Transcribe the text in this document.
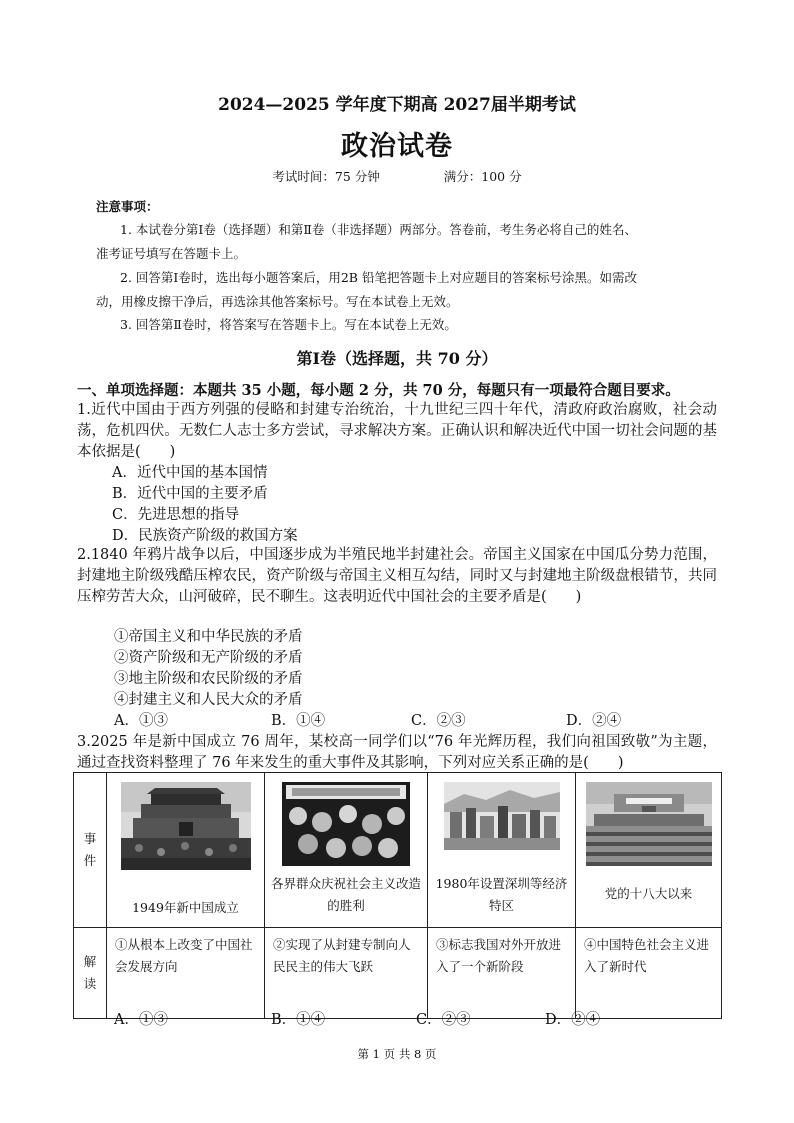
2024—2025 学年度下期高 2027届半期考试
政治试卷
考试时间：75 分钟	满分：100 分
注意事项：
1. 本试卷分第Ⅰ卷（选择题）和第Ⅱ卷（非选择题）两部分。答卷前，考生务必将自己的姓名、
准考证号填写在答题卡上。
2. 回答第Ⅰ卷时，选出每小题答案后，用2B 铅笔把答题卡上对应题目的答案标号涂黑。如需改
动，用橡皮擦干净后，再选涂其他答案标号。写在本试卷上无效。
3. 回答第Ⅱ卷时，将答案写在答题卡上。写在本试卷上无效。
第Ⅰ卷（选择题，共 70 分）
一、单项选择题：本题共 35 小题，每小题 2 分，共 70 分，每题只有一项最符合题目要求。
1.近代中国由于西方列强的侵略和封建专治统治，十九世纪三四十年代，清政府政治腐败，社会动荡，危机四伏。无数仁人志士多方尝试，寻求解决方案。正确认识和解决近代中国一切社会问题的基本依据是(　　)
A．近代中国的基本国情
B．近代中国的主要矛盾
C．先进思想的指导
D．民族资产阶级的救国方案
2.1840 年鸦片战争以后，中国逐步成为半殖民地半封建社会。帝国主义国家在中国瓜分势力范围，封建地主阶级残酷压榨农民，资产阶级与帝国主义相互勾结，同时又与封建地主阶级盘根错节，共同压榨劳苦大众，山河破碎，民不聊生。这表明近代中国社会的主要矛盾是(　　)
①帝国主义和中华民族的矛盾
②资产阶级和无产阶级的矛盾
③地主阶级和农民阶级的矛盾
④封建主义和人民大众的矛盾
A．①③	B．①④	C．②③	D．②④
3.2025 年是新中国成立 76 周年，某校高一同学们以“76 年光辉历程，我们向祖国致敬”为主题，通过查找资料整理了 76 年来发生的重大事件及其影响，下列对应关系正确的是(　　)
事件	1949年新中国成立	各界群众庆祝社会主义改造的胜利	1980年设置深圳等经济特区	党的十八大以来

解读	①从根本上改变了中国社会发展方向	②实现了从封建专制向人民民主的伟大飞跃	③标志我国对外开放进入了一个新阶段	④中国特色社会主义进入了新时代
A．①③	B．①④	C．②③	D．②④
第 1 页 共 8 页
